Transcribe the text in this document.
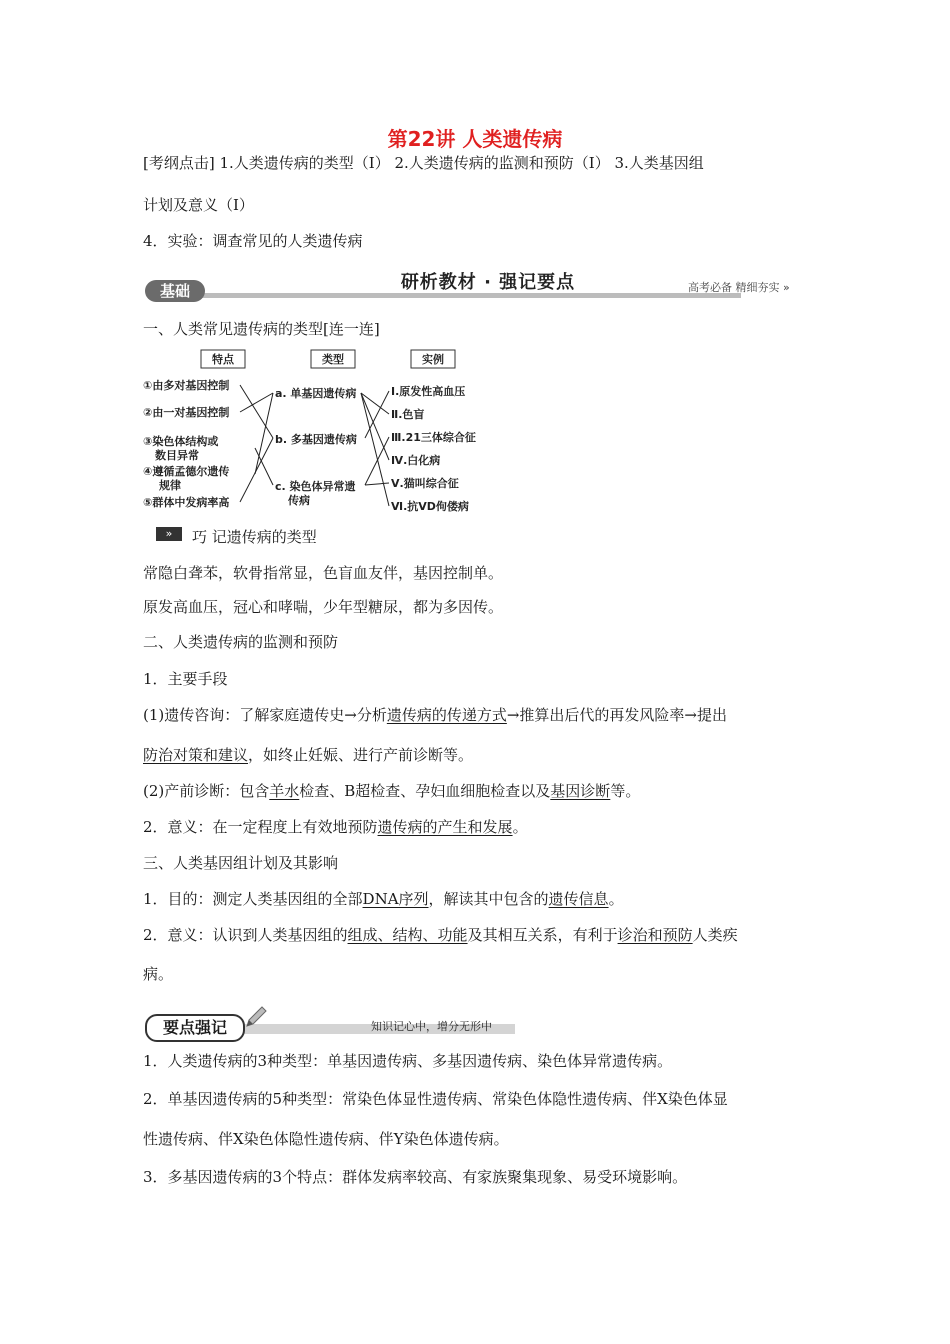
第22讲 人类遗传病
[考纲点击] 1.人类遗传病的类型（Ⅰ） 2.人类遗传病的监测和预防（Ⅰ） 3.人类基因组
计划及意义（Ⅰ）
4．实验：调查常见的人类遗传病
基础	研析教材 · 强记要点	高考必备 精细夯实 »
一、人类常见遗传病的类型[连一连]
特点	类型	实例
①由多对基因控制
②由一对基因控制
③染色体结构或
数目异常
④遵循孟德尔遗传
规律
⑤群体中发病率高
a. 单基因遗传病
b. 多基因遗传病
c. 染色体异常遗
传病
Ⅰ.原发性高血压
Ⅱ.色盲
Ⅲ.21三体综合征
Ⅳ.白化病
Ⅴ.猫叫综合征
Ⅵ.抗VD佝偻病
»	巧 记遗传病的类型
常隐白聋苯，软骨指常显，色盲血友伴，基因控制单。
原发高血压，冠心和哮喘，少年型糖尿，都为多因传。
二、人类遗传病的监测和预防
1．主要手段
(1)遗传咨询：了解家庭遗传史→分析遗传病的传递方式→推算出后代的再发风险率→提出
防治对策和建议，如终止妊娠、进行产前诊断等。
(2)产前诊断：包含羊水检查、B超检查、孕妇血细胞检查以及基因诊断等。
2．意义：在一定程度上有效地预防遗传病的产生和发展。
三、人类基因组计划及其影响
1．目的：测定人类基因组的全部DNA序列，解读其中包含的遗传信息。
2．意义：认识到人类基因组的组成、结构、功能及其相互关系，有利于诊治和预防人类疾
病。
要点强记	知识记心中，增分无形中
1．人类遗传病的3种类型：单基因遗传病、多基因遗传病、染色体异常遗传病。
2．单基因遗传病的5种类型：常染色体显性遗传病、常染色体隐性遗传病、伴X染色体显
性遗传病、伴X染色体隐性遗传病、伴Y染色体遗传病。
3．多基因遗传病的3个特点：群体发病率较高、有家族聚集现象、易受环境影响。
